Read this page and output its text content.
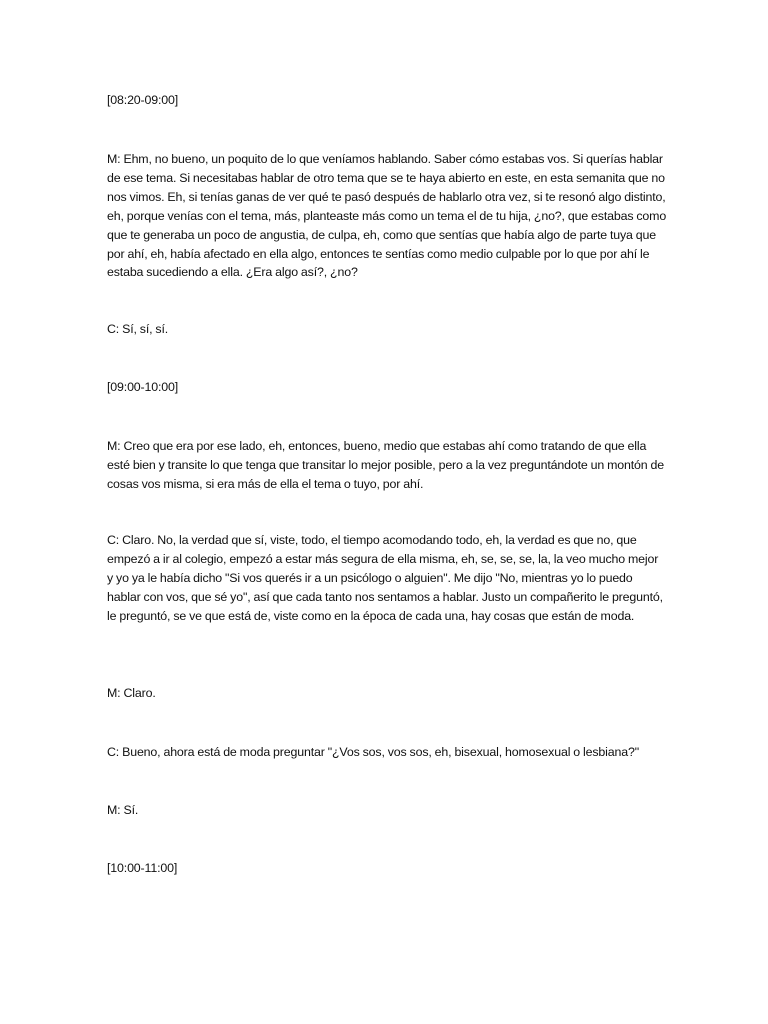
[08:20-09:00]

M: Ehm, no bueno, un poquito de lo que veníamos hablando. Saber cómo estabas vos. Si querías hablar de ese tema. Si necesitabas hablar de otro tema que se te haya abierto en este, en esta semanita que no nos vimos. Eh, si tenías ganas de ver qué te pasó después de hablarlo otra vez, si te resonó algo distinto, eh, porque venías con el tema, más, planteaste más como un tema el de tu hija, ¿no?, que estabas como que te generaba un poco de angustia, de culpa, eh, como que sentías que había algo de parte tuya que por ahí, eh, había afectado en ella algo, entonces te sentías como medio culpable por lo que por ahí le estaba sucediendo a ella. ¿Era algo así?, ¿no?

C: Sí, sí, sí.

[09:00-10:00]

M: Creo que era por ese lado, eh, entonces, bueno, medio que estabas ahí como tratando de que ella esté bien y transite lo que tenga que transitar lo mejor posible, pero a la vez preguntándote un montón de cosas vos misma, si era más de ella el tema o tuyo, por ahí.

C: Claro. No, la verdad que sí, viste, todo, el tiempo acomodando todo, eh, la verdad es que no, que empezó a ir al colegio, empezó a estar más segura de ella misma, eh, se, se, se, la, la veo mucho mejor y yo ya le había dicho "Si vos querés ir a un psicólogo o alguien". Me dijo "No, mientras yo lo puedo hablar con vos, que sé yo", así que cada tanto nos sentamos a hablar. Justo un compañerito le preguntó, le preguntó, se ve que está de, viste como en la época de cada una, hay cosas que están de moda.

M: Claro.

C: Bueno, ahora está de moda preguntar "¿Vos sos, vos sos, eh, bisexual, homosexual o lesbiana?"

M: Sí.

[10:00-11:00]
